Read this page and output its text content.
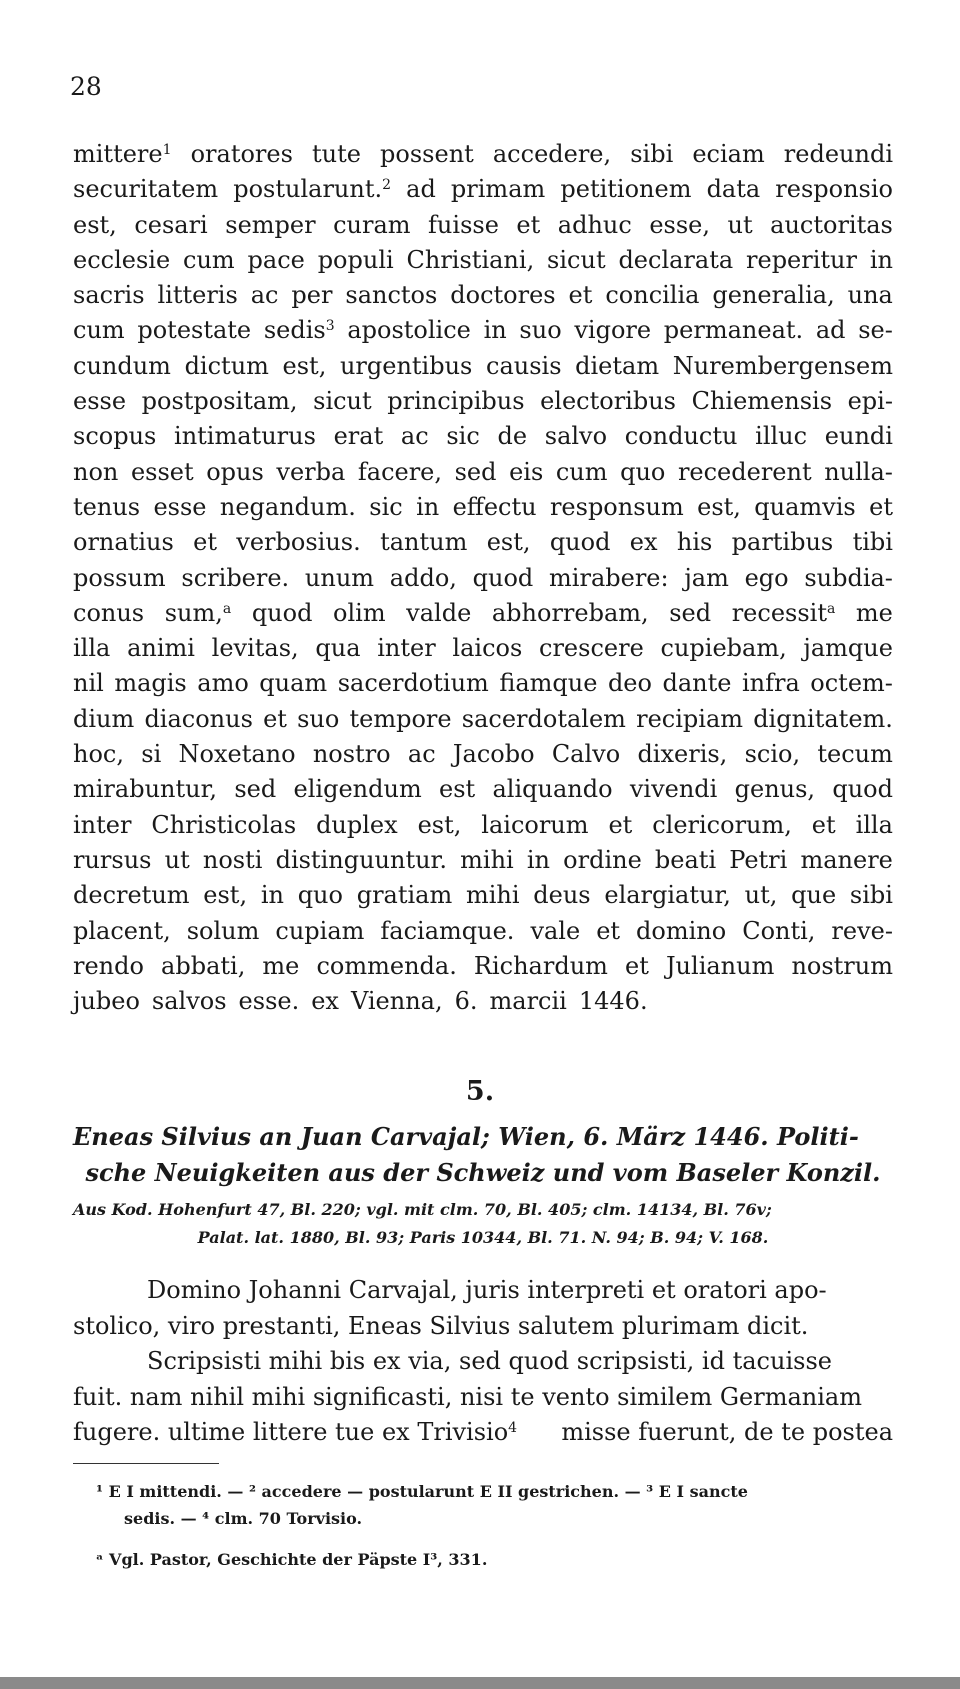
28
mittere$^1$ oratores tute possent accedere, sibi eciam redeundi
securitatem postularunt.$^2$ ad primam petitionem data responsio
est, cesari semper curam fuisse et adhuc esse, ut auctoritas
ecclesie cum pace populi Christiani, sicut declarata reperitur in
sacris litteris ac per sanctos doctores et concilia generalia, una
cum potestate sedis$^3$ apostolice in suo vigore permaneat. ad se-
cundum dictum est, urgentibus causis dietam Nurembergensem
esse postpositam, sicut principibus electoribus Chiemensis epi-
scopus intimaturus erat ac sic de salvo conductu illuc eundi
non esset opus verba facere, sed eis cum quo recederent nulla-
tenus esse negandum. sic in effectu responsum est, quamvis et
ornatius et verbosius. tantum est, quod ex his partibus tibi
possum scribere. unum addo, quod mirabere: jam ego subdia-
conus sum,$^a$ quod olim valde abhorrebam, sed recessit$^a$ me
illa animi levitas, qua inter laicos crescere cupiebam, jamque
nil magis amo quam sacerdotium fiamque deo dante infra octem-
dium diaconus et suo tempore sacerdotalem recipiam dignitatem.
hoc, si Noxetano nostro ac Jacobo Calvo dixeris, scio, tecum
mirabuntur, sed eligendum est aliquando vivendi genus, quod
inter Christicolas duplex est, laicorum et clericorum, et illa
rursus ut nosti distinguuntur. mihi in ordine beati Petri manere
decretum est, in quo gratiam mihi deus elargiatur, ut, que sibi
placent, solum cupiam faciamque. vale et domino Conti, reve-
rendo abbati, me commenda. Richardum et Julianum nostrum
jubeo salvos esse. ex Vienna, 6. marcii 1446.
5.
Eneas Silvius an Juan Carvajal; Wien, 6. März 1446. Politi-
sche Neuigkeiten aus der Schweiz und vom Baseler Konzil.
Aus Kod. Hohenfurt 47, Bl. 220; vgl. mit clm. 70, Bl. 405; clm. 14134, Bl. 76v;
Palat. lat. 1880, Bl. 93; Paris 10344, Bl. 71. N. 94; B. 94; V. 168.
Domino Johanni Carvajal, juris interpreti et oratori apo-
stolico, viro prestanti, Eneas Silvius salutem plurimam dicit.
Scripsisti mihi bis ex via, sed quod scripsisti, id tacuisse
fuit. nam nihil mihi significasti, nisi te vento similem Germaniam
fugere. ultime littere tue ex Trivisio$^4$ misse fuerunt, de te postea
¹ E I mittendi. — ² accedere — postularunt E II gestrichen. — ³ E I sancte
sedis. — ⁴ clm. 70 Torvisio.
ᵃ Vgl. Pastor, Geschichte der Päpste I³, 331.
